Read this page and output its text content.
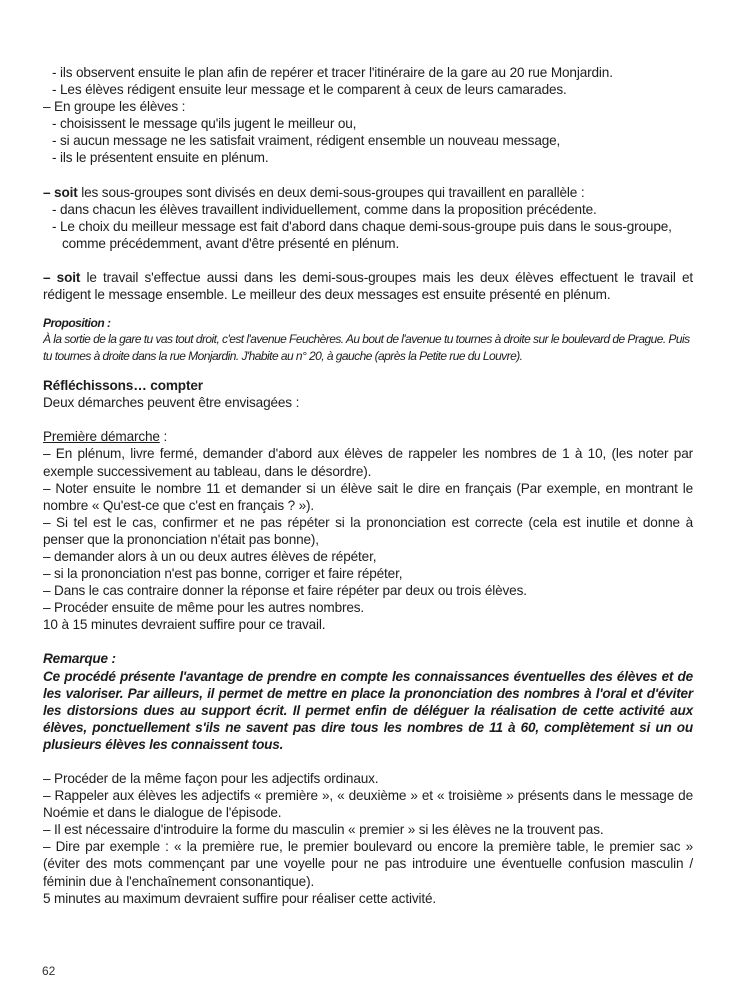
- ils observent ensuite le plan afin de repérer et tracer l'itinéraire de la gare au 20 rue Monjardin.

- Les élèves rédigent ensuite leur message et le comparent à ceux de leurs camarades.

– En groupe les élèves :

- choisissent le message qu'ils jugent le meilleur ou,

- si aucun message ne les satisfait vraiment, rédigent ensemble un nouveau message,

- ils le présentent ensuite en plénum.

– soit les sous-groupes sont divisés en deux demi-sous-groupes qui travaillent en parallèle :

- dans chacun les élèves travaillent individuellement, comme dans la proposition précédente.

- Le choix du meilleur message est fait d'abord dans chaque demi-sous-groupe puis dans le sous-groupe,

comme précédemment, avant d'être présenté en plénum.

– soit le travail s'effectue aussi dans les demi-sous-groupes mais les deux élèves effectuent le travail et rédigent le message ensemble. Le meilleur des deux messages est ensuite présenté en plénum.

Proposition :

À la sortie de la gare tu vas tout droit, c'est l'avenue Feuchères. Au bout de l'avenue tu tournes à droite sur le boulevard de Prague. Puis tu tournes à droite dans la rue Monjardin. J'habite au n° 20, à gauche (après la Petite rue du Louvre).

Réfléchissons… compter

Deux démarches peuvent être envisagées :

Première démarche :

– En plénum, livre fermé, demander d'abord aux élèves de rappeler les nombres de 1 à 10, (les noter par exemple successivement au tableau, dans le désordre).

– Noter ensuite le nombre 11 et demander si un élève sait le dire en français (Par exemple, en montrant le nombre « Qu'est-ce que c'est en français ? »).

– Si tel est le cas, confirmer et ne pas répéter si la prononciation est correcte (cela est inutile et donne à penser que la prononciation n'était pas bonne),

– demander alors à un ou deux autres élèves de répéter,

– si la prononciation n'est pas bonne, corriger et faire répéter,

– Dans le cas contraire donner la réponse et faire répéter par deux ou trois élèves.

– Procéder ensuite de même pour les autres nombres.

10 à 15 minutes devraient suffire pour ce travail.

Remarque :

Ce procédé présente l'avantage de prendre en compte les connaissances éventuelles des élèves et de les valoriser. Par ailleurs, il permet de mettre en place la prononciation des nombres à l'oral et d'éviter les distorsions dues au support écrit. Il permet enfin de déléguer la réalisation de cette activité aux élèves, ponctuellement s'ils ne savent pas dire tous les nombres de 11 à 60, complètement si un ou plusieurs élèves les connaissent tous.

– Procéder de la même façon pour les adjectifs ordinaux.

– Rappeler aux élèves les adjectifs « première », « deuxième » et « troisième » présents dans le message de Noémie et dans le dialogue de l'épisode.

– Il est nécessaire d'introduire la forme du masculin « premier » si les élèves ne la trouvent pas.

– Dire par exemple : « la première rue, le premier boulevard ou encore la première table, le premier sac » (éviter des mots commençant par une voyelle pour ne pas introduire une éventuelle confusion masculin / féminin due à l'enchaînement consonantique).

5 minutes au maximum devraient suffire pour réaliser cette activité.

62
